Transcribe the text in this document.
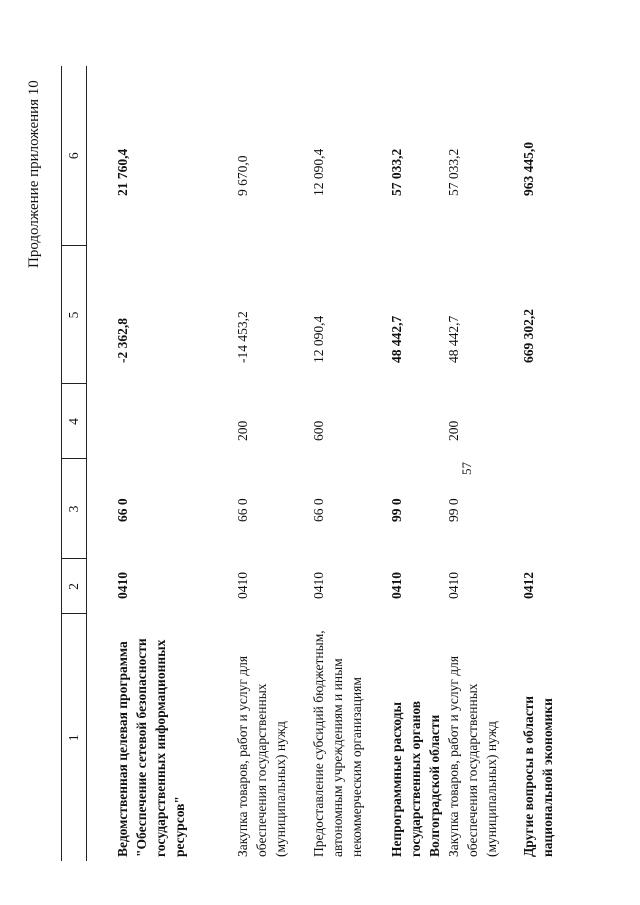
57
Продолжение приложения 10
1	2	3	4	5	6
Ведомственная целевая программа "Обеспечение сетевой безопасности государственных информационных ресурсов"	0410	66 0		-2 362,8	21 760,4
Закупка товаров, работ и услуг для обеспечения государственных (муниципальных) нужд	0410	66 0	200	-14 453,2	9 670,0
Предоставление субсидий бюджетным, автономным учреждениям и иным некоммерческим организациям	0410	66 0	600	12 090,4	12 090,4
Непрограммные расходы государственных органов Волгоградской области	0410	99 0		48 442,7	57 033,2
Закупка товаров, работ и услуг для обеспечения государственных (муниципальных) нужд	0410	99 0	200	48 442,7	57 033,2
Другие вопросы в области национальной экономики	0412			669 302,2	963 445,0
